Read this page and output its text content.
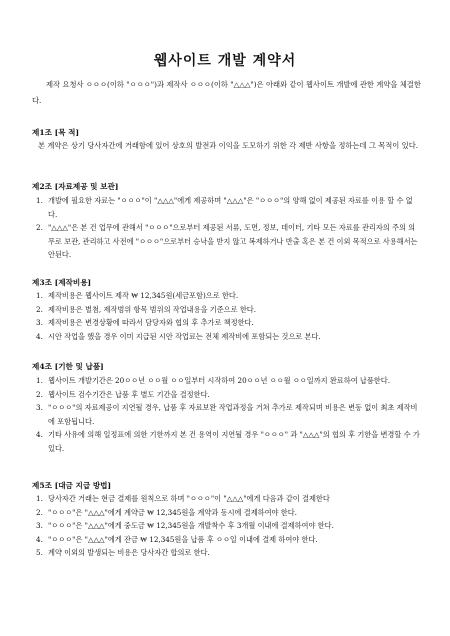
웹사이트 개발 계약서
제작 요청사 ㅇㅇㅇ(이하 "ㅇㅇㅇ")과 제작사 ㅇㅇㅇ(이하 "△△△")은 아래와 같이 웹사이트 개발에 관한 계약을 체결한다.
제1조 [목 적]
본 계약은 상기 당사자간에 거래함에 있어 상호의 발전과 이익을 도모하기 위한 각 제반 사항을 정하는데 그 목적이 있다.
제2조 [자료제공 및 보관]
1. 개발에 필요한 자료는 "ㅇㅇㅇ"이 "△△△"에게 제공하며 "△△△"은 "ㅇㅇㅇ"의 양해 없이 제공된 자료를 이용 할 수 없다.
2. "△△△"은 본 건 업무에 관해서 "ㅇㅇㅇ"으로부터 제공된 서류, 도면, 정보, 데이터, 기타 모든 자료를 관리자의 주의 의무로 보관, 관리하고 사전에 "ㅇㅇㅇ"으로부터 승낙을 받지 않고 복제하거나 반출 혹은 본 건 이외 목적으로 사용해서는 안된다.
제3조 [제작비용]
1. 제작비용은 웹사이트 제작 ₩ 12,345원(세금포함)으로 한다.
2. 제작비용은 별첨, 제작범위 항목 범위의 작업내용을 기준으로 한다.
3. 제작비용은 변경상황에 따라서 담당자와 협의 후 추가로 책정한다.
4. 시안 작업을 했을 경우 이미 지급된 시안 작업료는 전체 제작비에 포함되는 것으로 본다.
제4조 [기한 및 납품]
1. 웹사이트 개발기간은 20ㅇㅇ년 ㅇㅇ월 ㅇㅇ일부터 시작하여 20ㅇㅇ년 ㅇㅇ월 ㅇㅇ일까지 완료하여 납품한다.
2. 웹사이트 검수기간은 납품 후 별도 기간을 결정한다.
3. "ㅇㅇㅇ"의 자료제공이 지연될 경우, 납품 후 자료보완 작업과정을 거쳐 추가로 제작되며 비용은 변동 없이 최초 제작비에 포함됩니다.
4. 기타 사유에 의해 일정표에 의한 기한까지 본 건 용역이 지연될 경우 "ㅇㅇㅇ" 과 "△△△"의 협의 후 기한을 변경할 수 가 있다.
제5조 [대금 지급 방법]
1. 당사자간 거래는 현금 결제를 원칙으로 하며 "ㅇㅇㅇ"이 "△△△"에게 다음과 같이 결제한다
2. "ㅇㅇㅇ"은 "△△△"에게 계약금 ₩ 12,345원을 계약과 동시에 결제하여야 한다.
3. "ㅇㅇㅇ"은 "△△△"에게 중도금 ₩ 12,345원을 개발착수 후 3개월 이내에 결제하여야 한다.
4. "ㅇㅇㅇ"은 "△△△"에게 잔금 ₩ 12,345원을 납품 후 ㅇㅇ일 이내에 결제 하여야 한다.
5. 계약 이외의 발생되는 비용은 당사자간 합의로 한다.
